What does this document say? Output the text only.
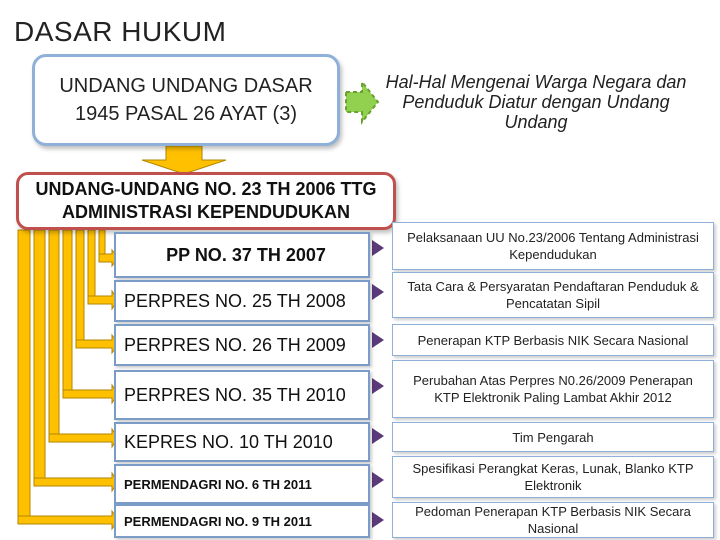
DASAR HUKUM
UNDANG UNDANG DASAR 1945 PASAL 26 AYAT (3)
Hal-Hal Mengenai Warga Negara dan Penduduk Diatur dengan Undang Undang
UNDANG-UNDANG NO. 23 TH 2006 TTG ADMINISTRASI KEPENDUDUKAN
PP NO. 37 TH 2007
PERPRES NO. 25 TH 2008
PERPRES NO. 26 TH 2009
PERPRES NO. 35 TH 2010
KEPRES NO. 10 TH 2010
PERMENDAGRI NO. 6 TH 2011
PERMENDAGRI NO. 9 TH 2011
Pelaksanaan UU No.23/2006 Tentang Administrasi Kependudukan
Tata Cara & Persyaratan Pendaftaran Penduduk & Pencatatan Sipil
Penerapan KTP Berbasis NIK Secara Nasional
Perubahan Atas Perpres N0.26/2009 Penerapan KTP Elektronik Paling Lambat Akhir 2012
Tim Pengarah
Spesifikasi Perangkat Keras, Lunak, Blanko KTP Elektronik
Pedoman Penerapan KTP Berbasis NIK Secara Nasional
